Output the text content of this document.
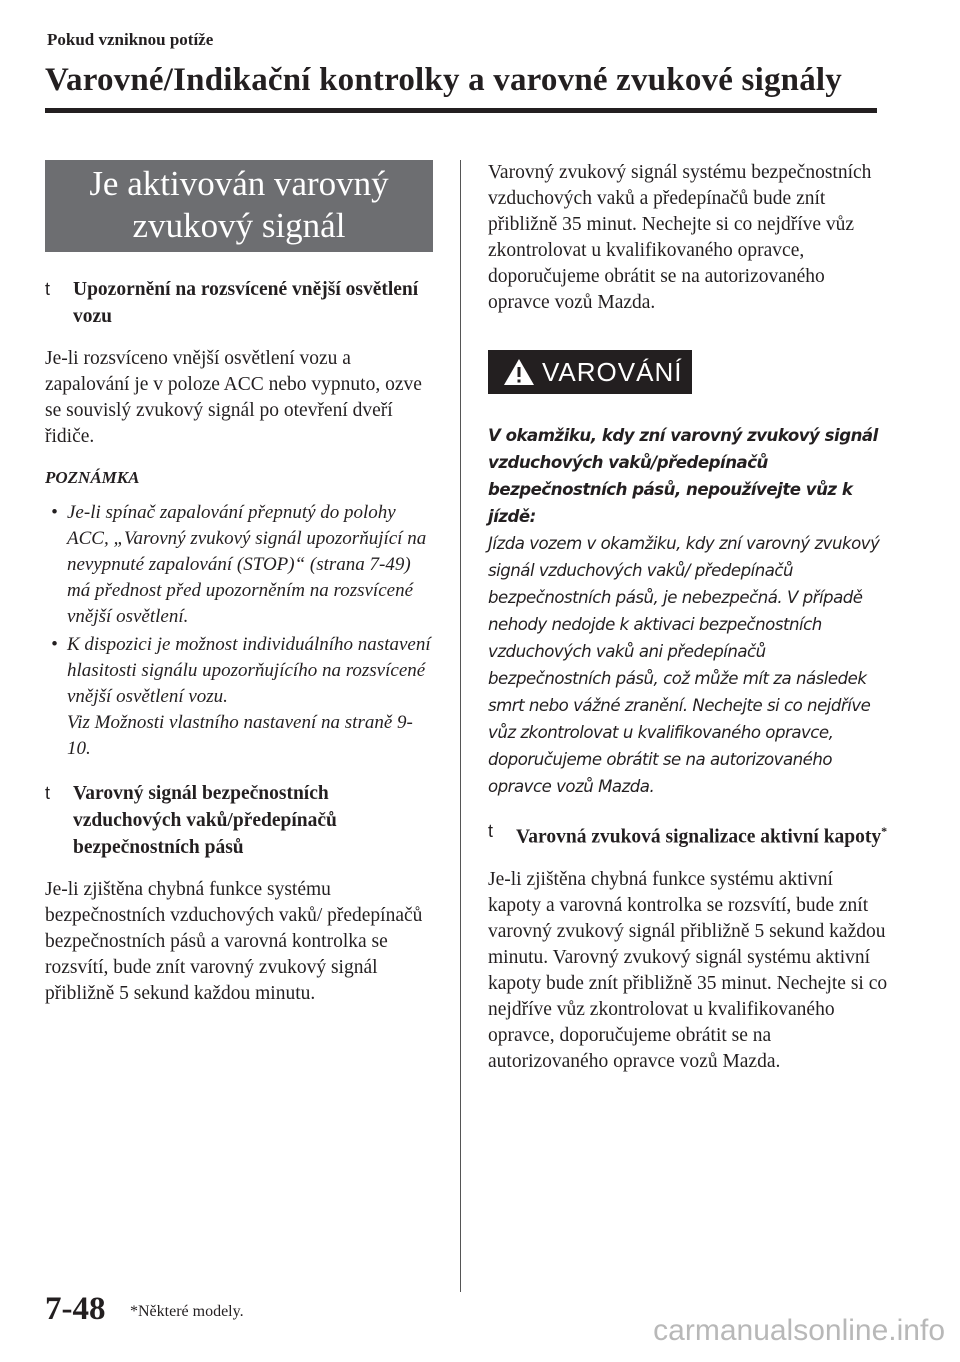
Pokud vzniknou potíže
Varovné/Indikační kontrolky a varovné zvukové signály
Je aktivován varovný
zvukový signál
t Upozornění na rozsvícené vnější osvětlení vozu

Je-li rozsvíceno vnější osvětlení vozu a zapalování je v poloze ACC nebo vypnuto, ozve se souvislý zvukový signál po otevření dveří řidiče.

POZNÁMKA
• Je-li spínač zapalování přepnutý do polohy ACC, „Varovný zvukový signál upozorňující na nevypnuté zapalování (STOP)“ (strana 7-49) má přednost před upozorněním na rozsvícené vnější osvětlení.
• K dispozici je možnost individuálního nastavení hlasitosti signálu upozorňujícího na rozsvícené vnější osvětlení vozu.
Viz Možnosti vlastního nastavení na straně 9-10.
t Varovný signál bezpečnostních vzduchových vaků/předepínačů bezpečnostních pásů

Je-li zjištěna chybná funkce systému bezpečnostních vzduchových vaků/ předepínačů bezpečnostních pásů a varovná kontrolka se rozsvítí, bude znít varovný zvukový signál přibližně 5 sekund každou minutu.

Varovný zvukový signál systému bezpečnostních vzduchových vaků a předepínačů bude znít přibližně 35 minut. Nechejte si co nejdříve vůz zkontrolovat u kvalifikovaného opravce, doporučujeme obrátit se na autorizovaného opravce vozů Mazda.

VAROVÁNÍ
V okamžiku, kdy zní varovný zvukový signál vzduchových vaků/předepínačů bezpečnostních pásů, nepoužívejte vůz k jízdě:
Jízda vozem v okamžiku, kdy zní varovný zvukový signál vzduchových vaků/ předepínačů bezpečnostních pásů, je nebezpečná. V případě nehody nedojde k aktivaci bezpečnostních vzduchových vaků ani předepínačů bezpečnostních pásů, což může mít za následek smrt nebo vážné zranění. Nechejte si co nejdříve vůz zkontrolovat u kvalifikovaného opravce, doporučujeme obrátit se na autorizovaného opravce vozů Mazda.
t Varovná zvuková signalizace aktivní kapoty*

Je-li zjištěna chybná funkce systému aktivní kapoty a varovná kontrolka se rozsvítí, bude znít varovný zvukový signál přibližně 5 sekund každou minutu. Varovný zvukový signál systému aktivní kapoty bude znít přibližně 35 minut. Nechejte si co nejdříve vůz zkontrolovat u kvalifikovaného opravce, doporučujeme obrátit se na autorizovaného opravce vozů Mazda.

7-48 *Některé modely.
carmanualsonline.info
